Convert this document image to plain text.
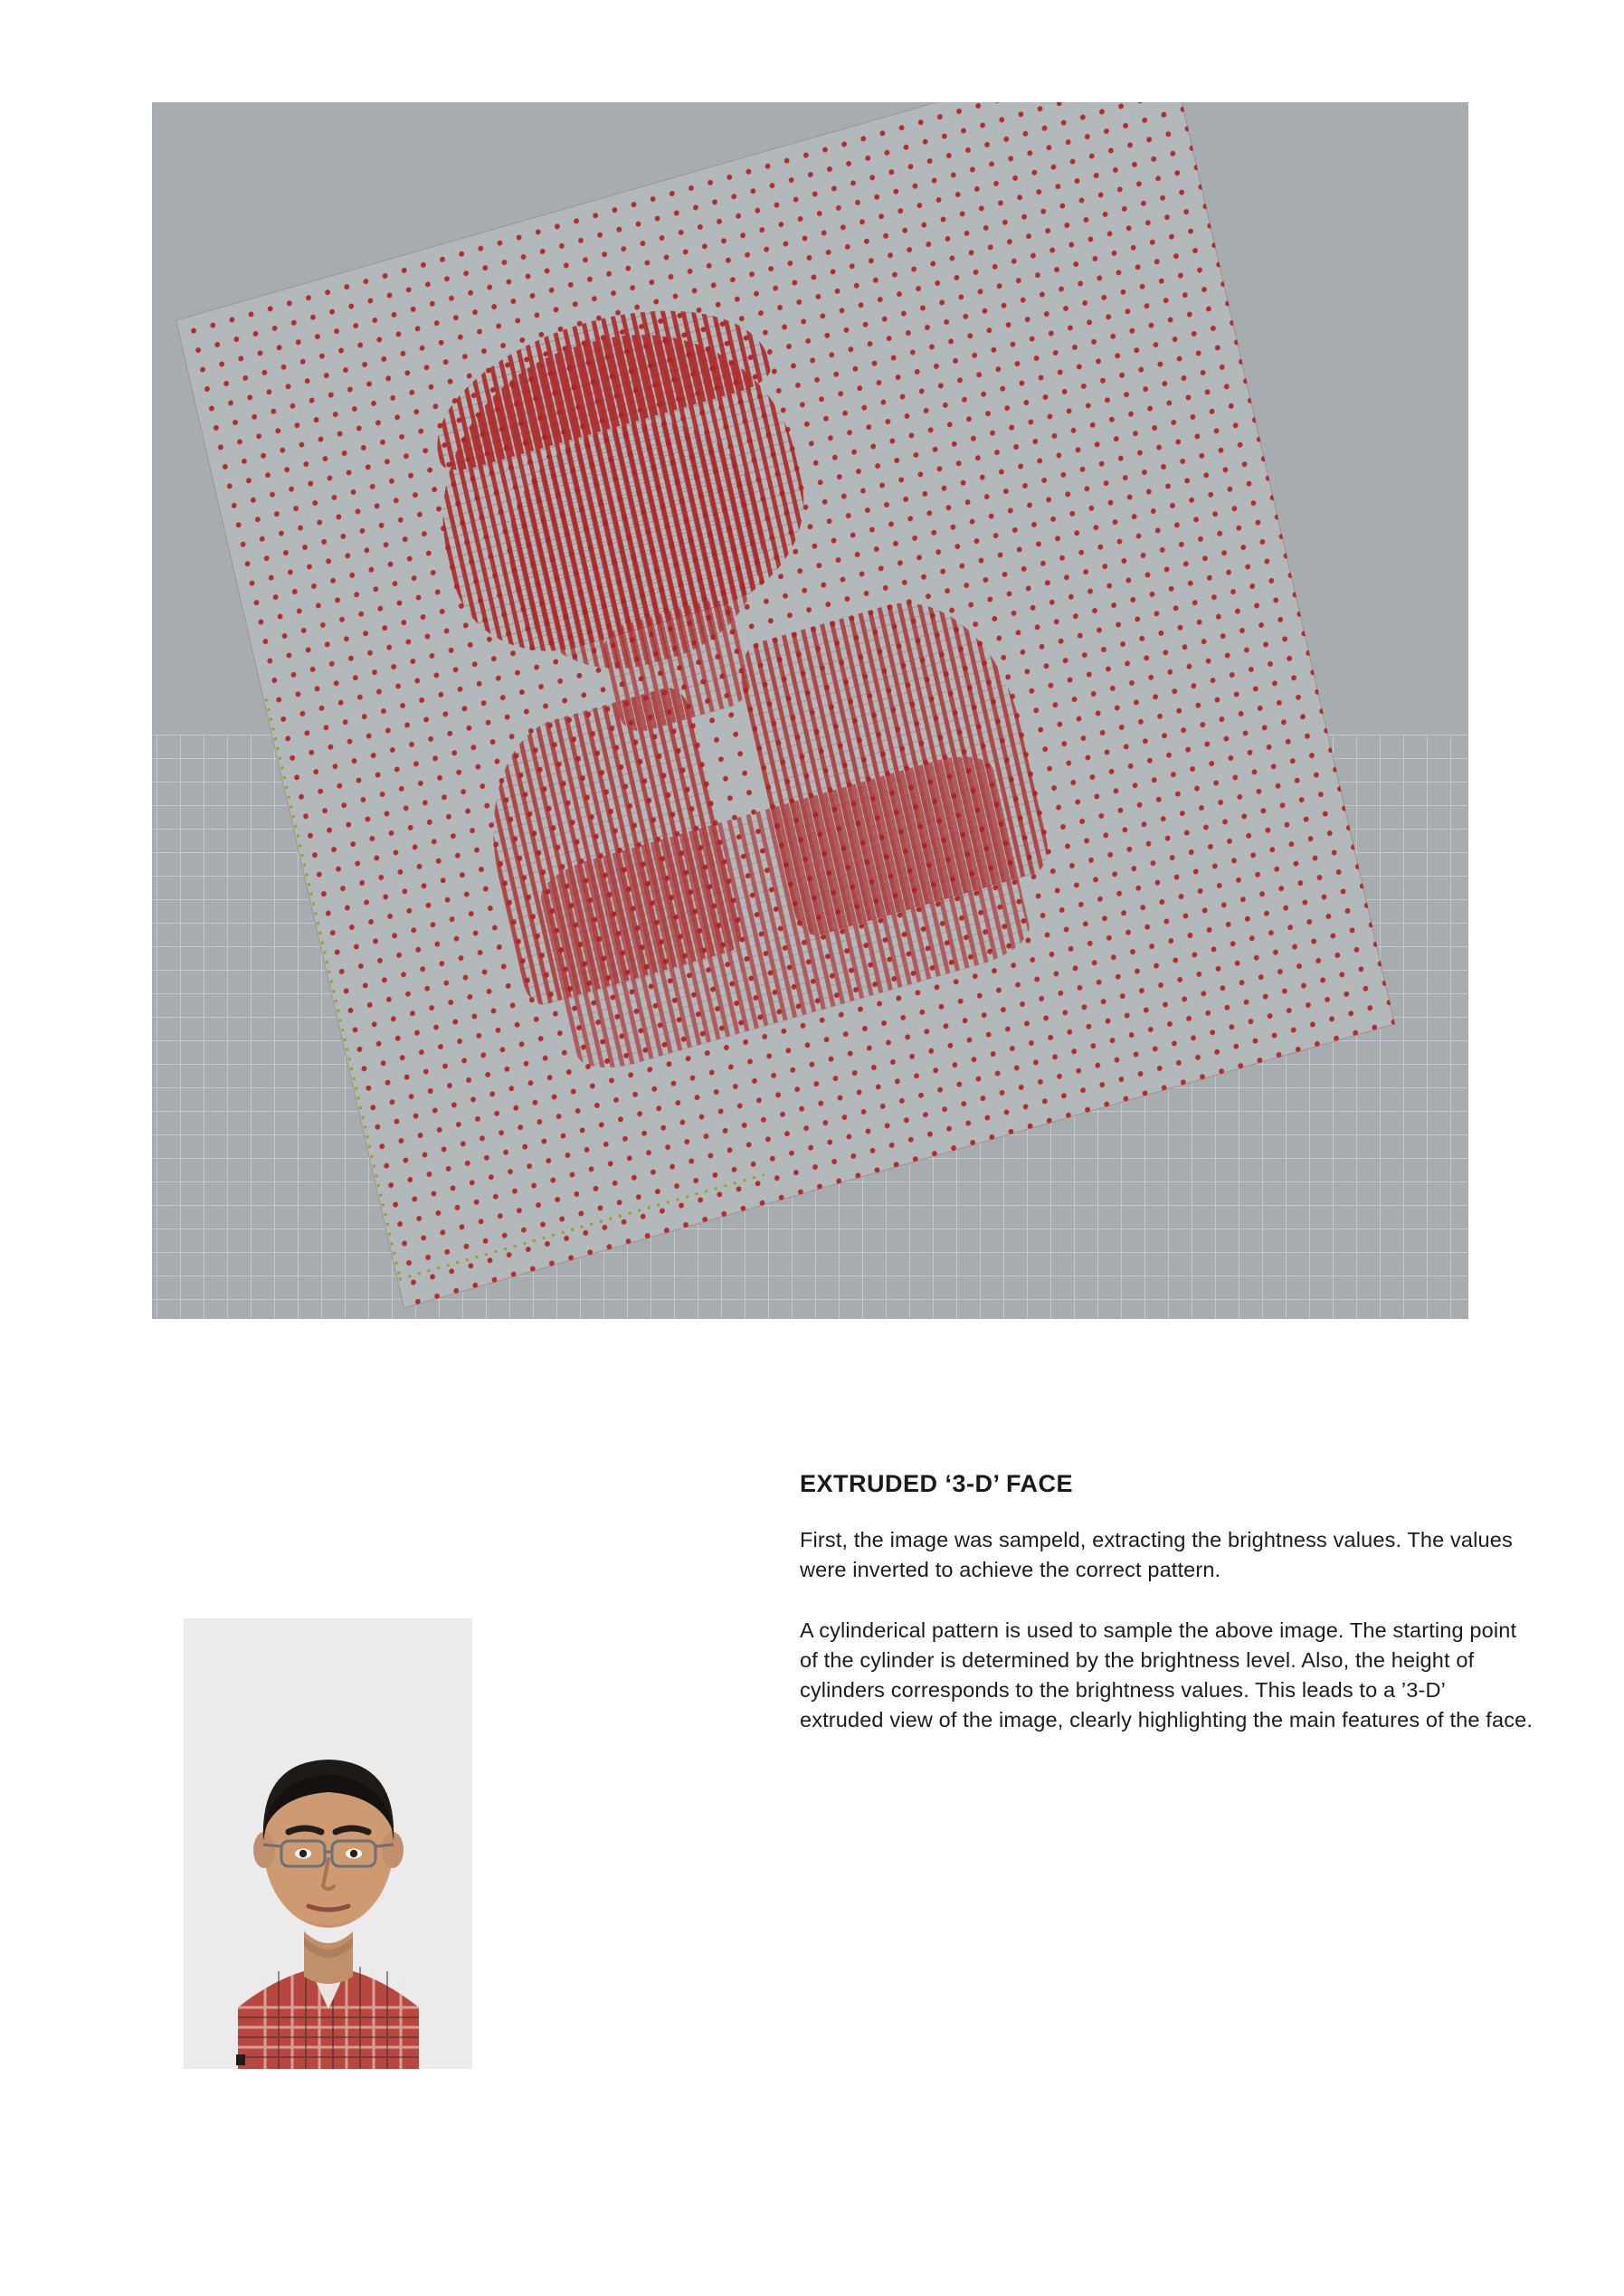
EXTRUDED ‘3-D’ FACE

First, the image was sampeld, extracting the brightness values. The values were inverted to achieve the correct pattern.

A cylinderical pattern is used to sample the above image. The starting point of the cylinder is determined by the brightness level. Also, the height of cylinders corresponds to the brightness values. This leads to a ’3-D’ extruded view of the image, clearly highlighting the main features of the face.
